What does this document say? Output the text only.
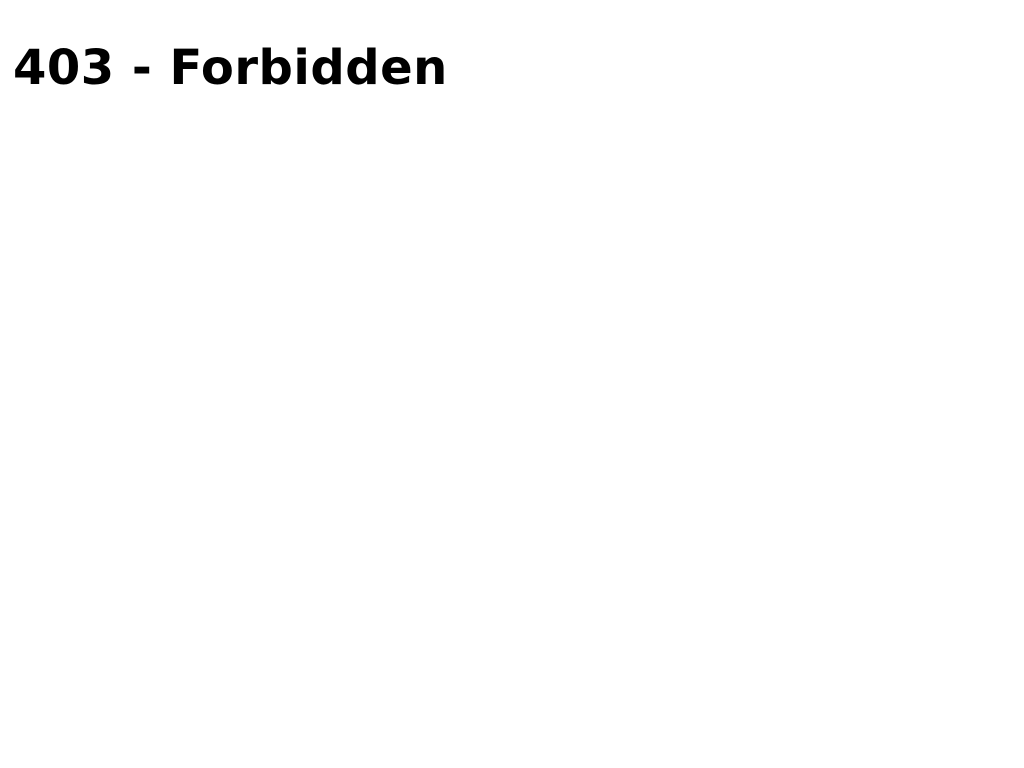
403 - Forbidden
